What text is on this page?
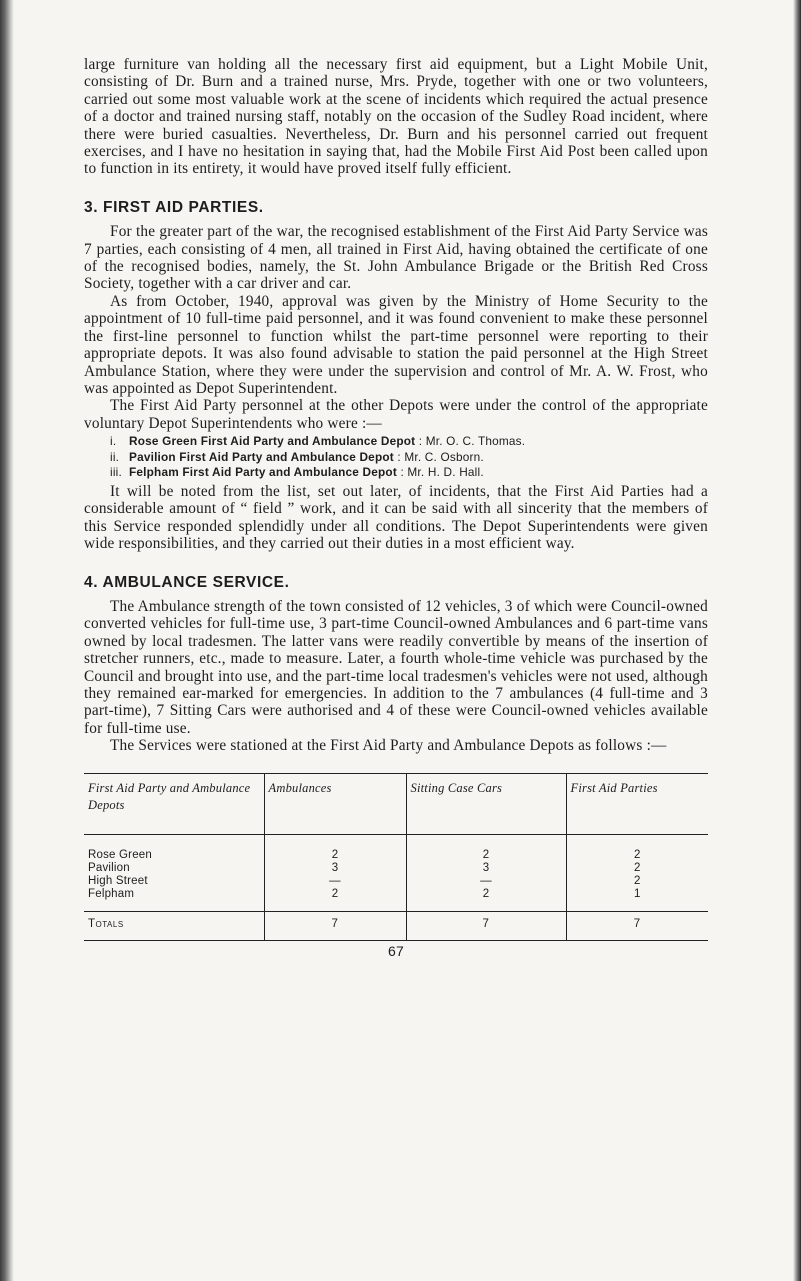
large furniture van holding all the necessary first aid equipment, but a Light Mobile Unit, consisting of Dr. Burn and a trained nurse, Mrs. Pryde, together with one or two volunteers, carried out some most valuable work at the scene of incidents which required the actual presence of a doctor and trained nursing staff, notably on the occasion of the Sudley Road incident, where there were buried casualties. Nevertheless, Dr. Burn and his personnel carried out frequent exercises, and I have no hesitation in saying that, had the Mobile First Aid Post been called upon to function in its entirety, it would have proved itself fully efficient.

3. FIRST AID PARTIES.

For the greater part of the war, the recognised establishment of the First Aid Party Service was 7 parties, each consisting of 4 men, all trained in First Aid, having obtained the certificate of one of the recognised bodies, namely, the St. John Ambulance Brigade or the British Red Cross Society, together with a car driver and car.

As from October, 1940, approval was given by the Ministry of Home Security to the appointment of 10 full-time paid personnel, and it was found convenient to make these personnel the first-line personnel to function whilst the part-time personnel were reporting to their appropriate depots. It was also found advisable to station the paid personnel at the High Street Ambulance Station, where they were under the supervision and control of Mr. A. W. Frost, who was appointed as Depot Superintendent.

The First Aid Party personnel at the other Depots were under the control of the appropriate voluntary Depot Superintendents who were :—

i. Rose Green First Aid Party and Ambulance Depot : Mr. O. C. Thomas.
ii. Pavilion First Aid Party and Ambulance Depot : Mr. C. Osborn.
iii. Felpham First Aid Party and Ambulance Depot : Mr. H. D. Hall.

It will be noted from the list, set out later, of incidents, that the First Aid Parties had a considerable amount of “ field ” work, and it can be said with all sincerity that the members of this Service responded splendidly under all conditions. The Depot Superintendents were given wide responsibilities, and they carried out their duties in a most efficient way.

4. AMBULANCE SERVICE.

The Ambulance strength of the town consisted of 12 vehicles, 3 of which were Council-owned converted vehicles for full-time use, 3 part-time Council-owned Ambulances and 6 part-time vans owned by local tradesmen. The latter vans were readily convertible by means of the insertion of stretcher runners, etc., made to measure. Later, a fourth whole-time vehicle was purchased by the Council and brought into use, and the part-time local tradesmen's vehicles were not used, although they remained ear-marked for emergencies. In addition to the 7 ambulances (4 full-time and 3 part-time), 7 Sitting Cars were authorised and 4 of these were Council-owned vehicles available for full-time use.

The Services were stationed at the First Aid Party and Ambulance Depots as follows :—

First Aid Party and Ambulance Depots	Ambulances	Sitting Case Cars	First Aid Parties
Rose Green	2	2	2
Pavilion	3	3	2
High Street	—	—	2
Felpham	2	2	1
Totals	7	7	7
67
